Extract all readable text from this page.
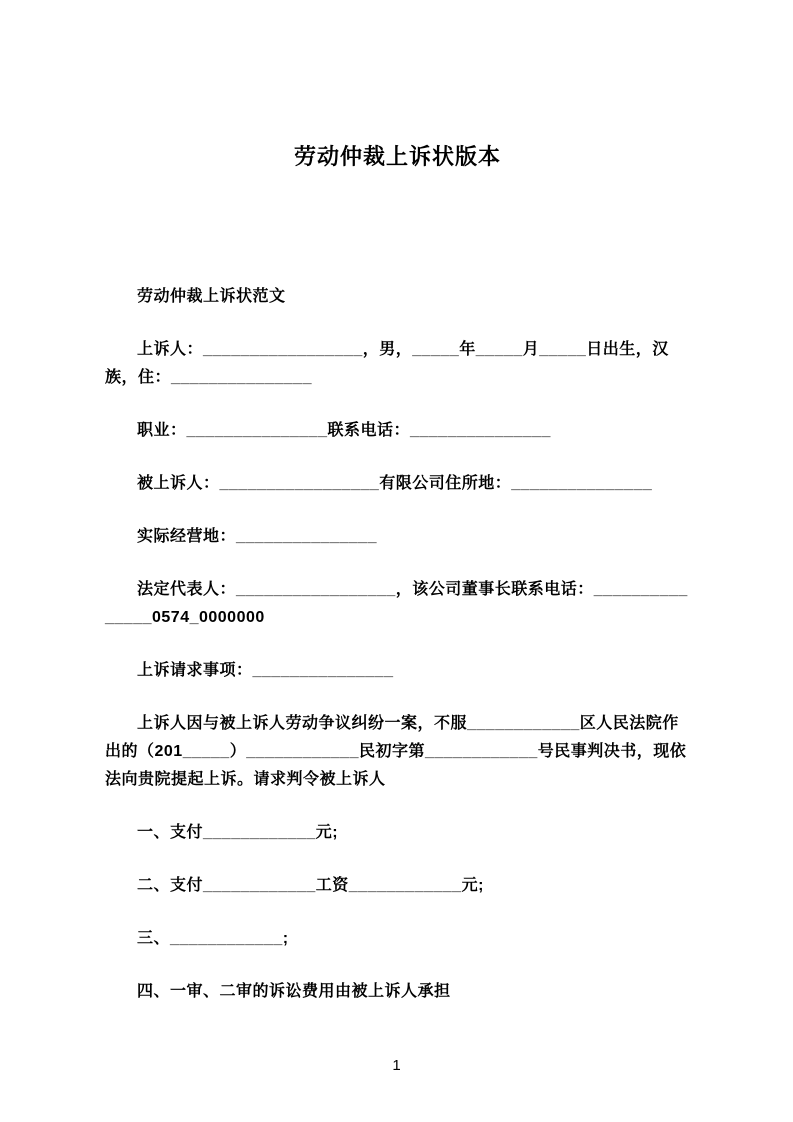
劳动仲裁上诉状版本

劳动仲裁上诉状范文

上诉人：_________________，男，_____年_____月_____日出生，汉族，住：_______________

职业：_______________联系电话：_______________

被上诉人：_________________有限公司住所地：_______________

实际经营地：_______________

法定代表人：_________________，该公司董事长联系电话：_______________0574_0000000

上诉请求事项：_______________

上诉人因与被上诉人劳动争议纠纷一案，不服____________区人民法院作出的（201_____）____________民初字第____________号民事判决书，现依法向贵院提起上诉。请求判令被上诉人

一、支付____________元;

二、支付____________工资____________元;

三、____________;

四、一审、二审的诉讼费用由被上诉人承担

1
